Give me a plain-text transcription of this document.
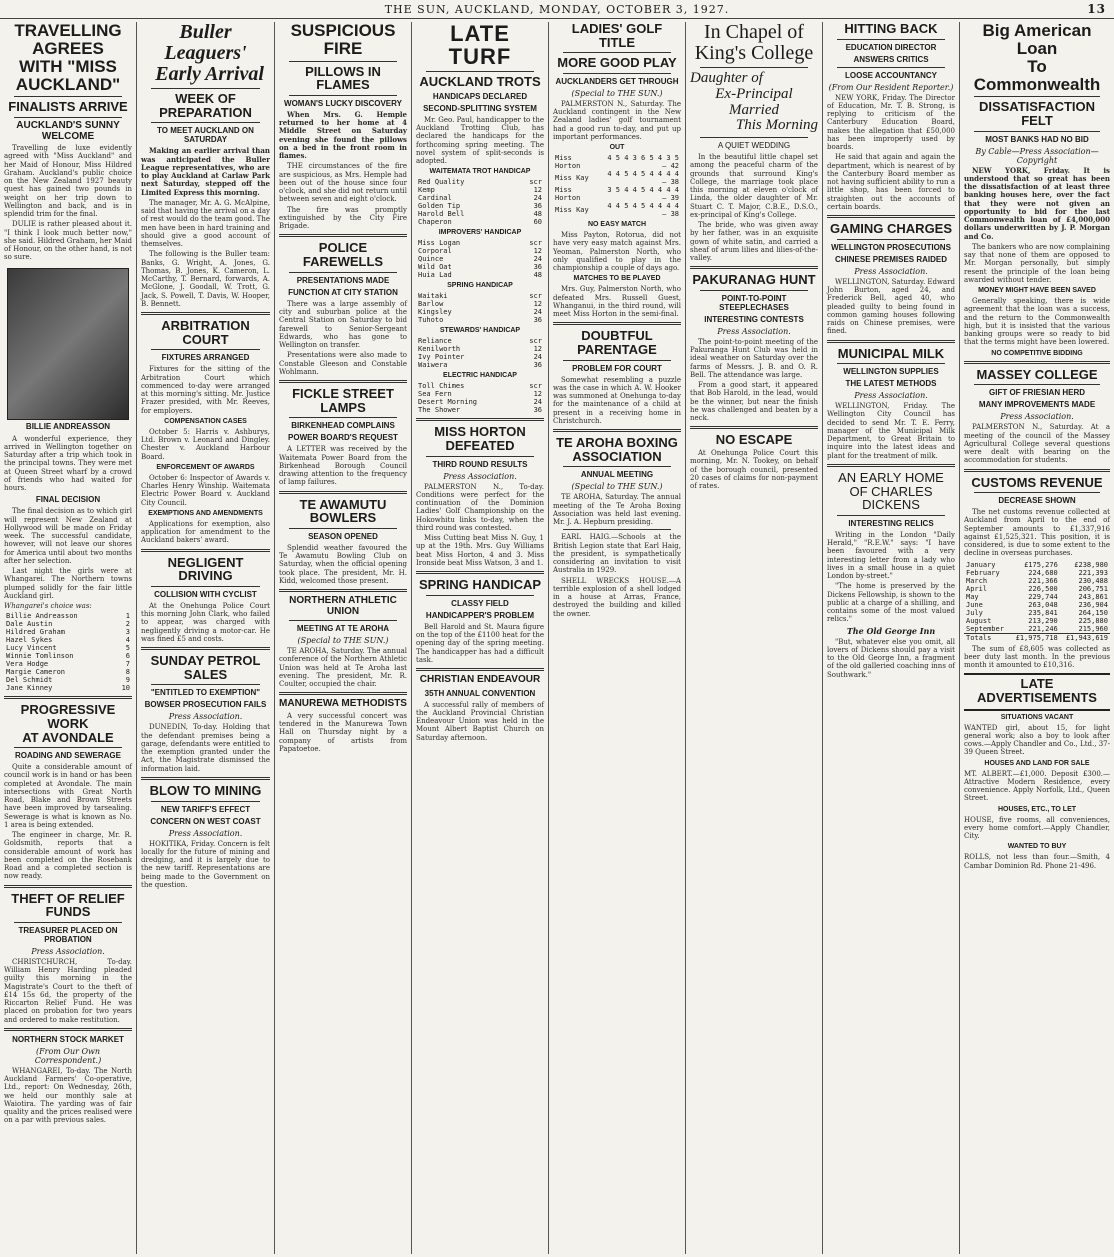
THE SUN, AUCKLAND, MONDAY, OCTOBER 3, 1927.	13
TRAVELLING AGREES
WITH "MISS AUCKLAND"
FINALISTS ARRIVE
AUCKLAND'S SUNNY WELCOME

Travelling de luxe evidently agreed with "Miss Auckland" and her Maid of Honour, Miss Hildred Graham. Auckland's public choice on the New Zealand 1927 beauty quest has gained two pounds in weight on her trip down to Wellington and back, and is in splendid trim for the final.

DULIE is rather pleased about it. "I think I look much better now," she said. Hildred Graham, her Maid of Honour, on the other hand, is not so sure.

BILLIE ANDREASSON

A wonderful experience, they arrived in Wellington together on Saturday after a trip which took in the principal towns. They were met at Queen Street wharf by a crowd of friends who had waited for hours.

FINAL DECISION

The final decision as to which girl will represent New Zealand at Hollywood will be made on Friday week. The successful candidate, however, will not leave our shores for America until about two months after her selection.

Last night the girls were at Whangarei. The Northern towns plumped solidly for the fair little Auckland girl.

Whangarei's choice was:
Billie Andreasson	1
Dale Austin	2
Hildred Graham	3
Hazel Sykes	4
Lucy Vincent	5
Winnie Tomlinson	6
Vera Hodge	7
Margie Cameron	8
Del Schmidt	9
Jane Kinney	10
PROGRESSIVE WORK
AT AVONDALE
ROADING AND SEWERAGE

Quite a considerable amount of council work is in hand or has been completed at Avondale. The main intersections with Great North Road, Blake and Brown Streets have been improved by tarsealing. Sewerage is what is known as No. 1 area is being extended.

The engineer in charge, Mr. R. Goldsmith, reports that a considerable amount of work has been completed on the Rosebank Road and a completed section is now ready.

THEFT OF RELIEF FUNDS
TREASURER PLACED ON PROBATION
Press Association.

CHRISTCHURCH, To-day. William Henry Harding pleaded guilty this morning in the Magistrate's Court to the theft of £14 15s 6d, the property of the Riccarton Relief Fund. He was placed on probation for two years and ordered to make restitution.

NORTHERN STOCK MARKET
(From Our Own Correspondent.)

WHANGAREI, To-day. The North Auckland Farmers' Co-operative, Ltd., report: On Wednesday, 26th, we held our monthly sale at Waiotira. The yarding was of fair quality and the prices realised were on a par with previous sales.

Buller Leaguers'
Early Arrival
WEEK OF PREPARATION
TO MEET AUCKLAND ON SATURDAY

Making an earlier arrival than was anticipated the Buller League representatives, who are to play Auckland at Carlaw Park next Saturday, stepped off the Limited Express this morning.

The manager, Mr. A. G. McAlpine, said that having the arrival on a day of rest would do the team good. The men have been in hard training and should give a good account of themselves.

The following is the Buller team: Banks, G. Wright, A. Jones, G. Thomas, B. Jones, K. Cameron, L. McCarthy, T. Bernard, forwards, A. McGlone, J. Goodall, W. Trott, G. Jack, S. Powell, T. Davis, W. Hooper, B. Bennett.

ARBITRATION COURT
FIXTURES ARRANGED

Fixtures for the sitting of the Arbitration Court which commenced to-day were arranged at this morning's sitting. Mr. Justice Frazer presided, with Mr. Reeves, for employers.

COMPENSATION CASES

October 5: Harris v. Ashburys, Ltd. Brown v. Leonard and Dingley. Chester v. Auckland Harbour Board.

ENFORCEMENT OF AWARDS

October 6: Inspector of Awards v. Charles Henry Winship. Waitemata Electric Power Board v. Auckland City Council.

EXEMPTIONS AND AMENDMENTS

Applications for exemption, also application for amendment to the Auckland bakers' award.

NEGLIGENT DRIVING
COLLISION WITH CYCLIST

At the Onehunga Police Court this morning John Clark, who failed to appear, was charged with negligently driving a motor-car. He was fined £5 and costs.

SUNDAY PETROL SALES
"ENTITLED TO EXEMPTION"
BOWSER PROSECUTION FAILS
Press Association.

DUNEDIN, To-day. Holding that the defendant premises being a garage, defendants were entitled to the exemption granted under the Act, the Magistrate dismissed the information laid.

BLOW TO MINING
NEW TARIFF'S EFFECT
CONCERN ON WEST COAST
Press Association.

HOKITIKA, Friday. Concern is felt locally for the future of mining and dredging, and it is largely due to the new tariff. Representations are being made to the Government on the question.

SUSPICIOUS FIRE
PILLOWS IN FLAMES
WOMAN'S LUCKY DISCOVERY

When Mrs. G. Hemple returned to her home at 4 Middle Street on Saturday evening she found the pillows on a bed in the front room in flames.

THE circumstances of the fire are suspicious, as Mrs. Hemple had been out of the house since four o'clock, and she did not return until between seven and eight o'clock.

The fire was promptly extinguished by the City Fire Brigade.

POLICE FAREWELLS
PRESENTATIONS MADE
FUNCTION AT CITY STATION

There was a large assembly of city and suburban police at the Central Station on Saturday to bid farewell to Senior-Sergeant Edwards, who has gone to Wellington on transfer.

Presentations were also made to Constable Gleeson and Constable Wohlmann.

FICKLE STREET LAMPS
BIRKENHEAD COMPLAINS
POWER BOARD'S REQUEST

A LETTER was received by the Waitemata Power Board from the Birkenhead Borough Council drawing attention to the frequency of lamp failures.

TE AWAMUTU BOWLERS
SEASON OPENED

Splendid weather favoured the Te Awamutu Bowling Club on Saturday, when the official opening took place. The president, Mr. H. Kidd, welcomed those present.

NORTHERN ATHLETIC UNION
MEETING AT TE AROHA
(Special to THE SUN.)

TE AROHA, Saturday. The annual conference of the Northern Athletic Union was held at Te Aroha last evening. The president, Mr. R. Coulter, occupied the chair.

MANUREWA METHODISTS

A very successful concert was tendered in the Manurewa Town Hall on Thursday night by a company of artists from Papatoetoe.

LATE TURF
AUCKLAND TROTS
HANDICAPS DECLARED
SECOND-SPLITTING SYSTEM

Mr. Geo. Paul, handicapper to the Auckland Trotting Club, has declared the handicaps for the forthcoming spring meeting. The novel system of split-seconds is adopted.

WAITEMATA TROT HANDICAP
Red Quality	scr
Kemp	12
Cardinal	24
Golden Tip	36
Harold Bell	48
Chaperon	60
IMPROVERS' HANDICAP
Miss Logan	scr
Corporal	12
Quince	24
Wild Oat	36
Huia Lad	48
SPRING HANDICAP
Waitaki	scr
Barlow	12
Kingsley	24
Tuhoto	36
STEWARDS' HANDICAP
Reliance	scr
Kenilworth	12
Ivy Pointer	24
Waiwera	36
ELECTRIC HANDICAP
Toll Chimes	scr
Sea Fern	12
Desert Morning	24
The Shower	36
MISS HORTON DEFEATED
THIRD ROUND RESULTS
Press Association.

PALMERSTON N., To-day. Conditions were perfect for the continuation of the Dominion Ladies' Golf Championship on the Hokowhitu links to-day, when the third round was contested.

Miss Cutting beat Miss N. Guy, 1 up at the 19th. Mrs. Guy Williams beat Miss Horton, 4 and 3. Miss Ironside beat Miss Watson, 3 and 1.

SPRING HANDICAP
CLASSY FIELD
HANDICAPPER'S PROBLEM

Bell Harold and St. Maura figure on the top of the £1100 heat for the opening day of the spring meeting. The handicapper has had a difficult task.

CHRISTIAN ENDEAVOUR
35TH ANNUAL CONVENTION

A successful rally of members of the Auckland Provincial Christian Endeavour Union was held in the Mount Albert Baptist Church on Saturday afternoon.

LADIES' GOLF TITLE
MORE GOOD PLAY
AUCKLANDERS GET THROUGH
(Special to THE SUN.)

PALMERSTON N., Saturday. The Auckland contingent in the New Zealand ladies' golf tournament had a good run to-day, and put up important performances.

OUT
Miss Horton	4 5 4 3 6 5 4 3 5 — 42
Miss Kay	4 4 5 4 5 4 4 4 4 — 38
Miss Horton	3 5 4 4 5 4 4 4 4 — 39
Miss Kay	4 4 5 4 5 4 4 4 4 — 38
NO EASY MATCH

Miss Payton, Rotorua, did not have very easy match against Mrs. Yeoman, Palmerston North, who only qualified to play in the championship a couple of days ago.

MATCHES TO BE PLAYED

Mrs. Guy, Palmerston North, who defeated Mrs. Russell Guest, Whanganui, in the third round, will meet Miss Horton in the semi-final.

DOUBTFUL PARENTAGE
PROBLEM FOR COURT

Somewhat resembling a puzzle was the case in which A. W. Hooker was summoned at Onehunga to-day for the maintenance of a child at present in a receiving home in Christchurch.

TE AROHA BOXING
ASSOCIATION
ANNUAL MEETING
(Special to THE SUN.)

TE AROHA, Saturday. The annual meeting of the Te Aroha Boxing Association was held last evening. Mr. J. A. Hepburn presiding.

EARL HAIG.—Schools at the British Legion state that Earl Haig, the president, is sympathetically considering an invitation to visit Australia in 1929.

SHELL WRECKS HOUSE.—A terrible explosion of a shell lodged in a house at Arras, France, destroyed the building and killed the owner.

In Chapel of
King's College
Daughter of
Ex-Principal Married
This Morning
A QUIET WEDDING

In the beautiful little chapel set among the peaceful charm of the grounds that surround King's College, the marriage took place this morning at eleven o'clock of Linda, the older daughter of Mr. Stuart C. T. Major, C.B.E., D.S.O., ex-principal of King's College.

The bride, who was given away by her father, was in an exquisite gown of white satin, and carried a sheaf of arum lilies and lilies-of-the-valley.

PAKURANAG HUNT
POINT-TO-POINT STEEPLECHASES
INTERESTING CONTESTS
Press Association.

The point-to-point meeting of the Pakuranga Hunt Club was held in ideal weather on Saturday over the farms of Messrs. J. B. and O. R. Bell. The attendance was large.

From a good start, it appeared that Bob Harold, in the lead, would be the winner, but near the finish he was challenged and beaten by a neck.

NO ESCAPE

At Onehunga Police Court this morning, Mr. N. Tookey, on behalf of the borough council, presented 20 cases of claims for non-payment of rates.

HITTING BACK
EDUCATION DIRECTOR
ANSWERS CRITICS
LOOSE ACCOUNTANCY
(From Our Resident Reporter.)

NEW YORK, Friday. The Director of Education, Mr. T. B. Strong, is replying to criticism of the Canterbury Education Board, makes the allegation that £50,000 has been improperly used by boards.

He said that again and again the department, which is nearest of by the Canterbury Board member as not having sufficient ability to run a little shop, has been forced to straighten out the accounts of certain boards.

GAMING CHARGES
WELLINGTON PROSECUTIONS
CHINESE PREMISES RAIDED
Press Association.

WELLINGTON, Saturday. Edward John Burton, aged 24, and Frederick Bell, aged 40, who pleaded guilty to being found in common gaming houses following raids on Chinese premises, were fined.

MUNICIPAL MILK
WELLINGTON SUPPLIES
THE LATEST METHODS
Press Association.

WELLINGTON, Friday. The Wellington City Council has decided to send Mr. T. E. Ferry, manager of the Municipal Milk Department, to Great Britain to inquire into the latest ideas and plant for the treatment of milk.

AN EARLY HOME
OF CHARLES DICKENS
INTERESTING RELICS

Writing in the London "Daily Herald," "R.E.W." says: "I have been favoured with a very interesting letter from a lady who lives in a small house in a quiet London by-street."

"The home is preserved by the Dickens Fellowship, is shown to the public at a charge of a shilling, and contains some of the most valued relics."

The Old George Inn

"But, whatever else you omit, all lovers of Dickens should pay a visit to the Old George Inn, a fragment of the old galleried coaching inns of Southwark."

Big American Loan
To Commonwealth
DISSATISFACTION FELT
MOST BANKS HAD NO BID
By Cable—Press Association—Copyright

NEW YORK, Friday. It is understood that so great has been the dissatisfaction of at least three banking houses here, over the fact that they were not given an opportunity to bid for the last Commonwealth loan of £4,000,000 dollars underwritten by J. P. Morgan and Co.

The bankers who are now complaining say that none of them are opposed to Mr. Morgan personally, but simply resent the principle of the loan being awarded without tender.

MONEY MIGHT HAVE BEEN SAVED

Generally speaking, there is wide agreement that the loan was a success, and the return to the Commonwealth high, but it is insisted that the various banking groups were so ready to bid that the terms might have been lowered.

NO COMPETITIVE BIDDING
MASSEY COLLEGE
GIFT OF FRIESIAN HERD
MANY IMPROVEMENTS MADE
Press Association.

PALMERSTON N., Saturday. At a meeting of the council of the Massey Agricultural College several questions were dealt with bearing on the accommodation for students.

CUSTOMS REVENUE
DECREASE SHOWN

The net customs revenue collected at Auckland from April to the end of September amounts to £1,337,916 against £1,525,321. This position, it is considered, is due to some extent to the decline in overseas purchases.

January	£175,276	£238,980
February	224,680	221,393
March	221,366	230,488
April	226,500	206,751
May	229,744	243,861
June	263,048	236,904
July	235,841	264,150
August	213,290	225,880
September	221,246	215,960
Totals	£1,975,718	£1,943,619

The sum of £8,605 was collected as beer duty last month. In the previous month it amounted to £10,316.

LATE ADVERTISEMENTS
SITUATIONS VACANT

WANTED girl, about 15, for light general work; also a boy to look after cows.—Apply Chandler and Co., Ltd., 37-39 Queen Street.

HOUSES AND LAND FOR SALE

MT. ALBERT.—£1,000. Deposit £300.—Attractive Modern Residence, every convenience. Apply Norfolk, Ltd., Queen Street.

HOUSES, ETC., TO LET

HOUSE, five rooms, all conveniences, every home comfort.—Apply Chandler, City.

WANTED TO BUY

ROLLS, not less than four.—Smith, 4 Cambar Dominion Rd. Phone 21-496.
